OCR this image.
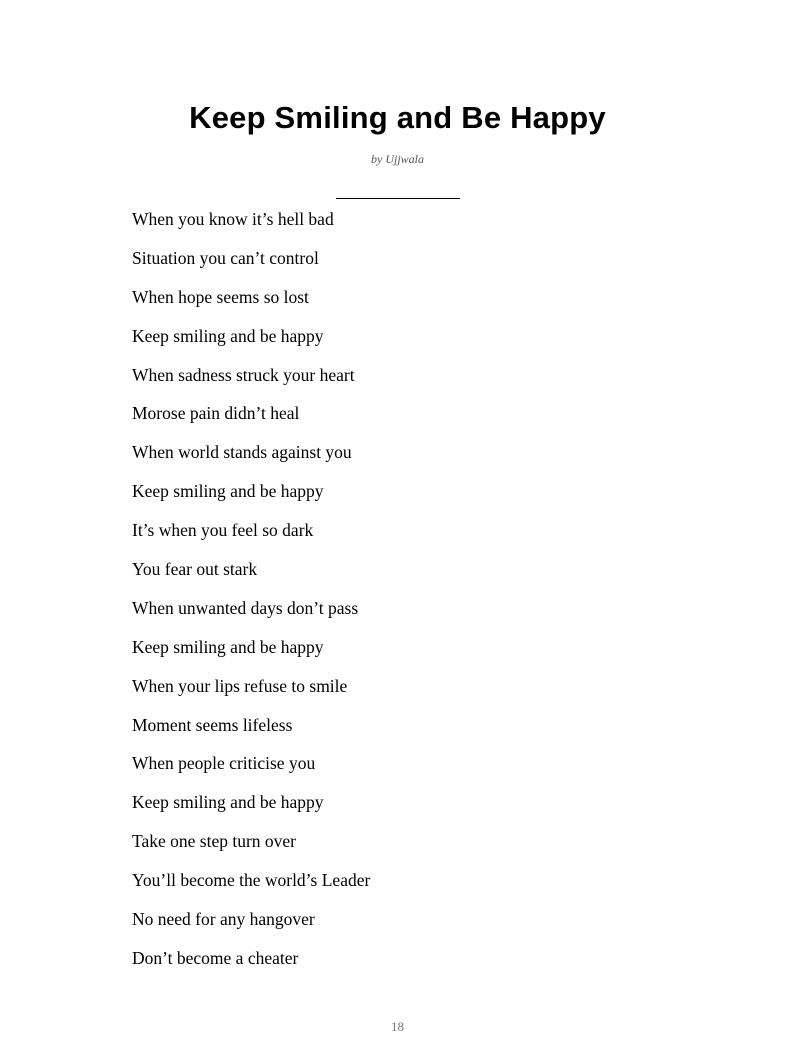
Keep Smiling and Be Happy
by Ujjwala
When you know it’s hell bad
Situation you can’t control
When hope seems so lost
Keep smiling and be happy
When sadness struck your heart
Morose pain didn’t heal
When world stands against you
Keep smiling and be happy
It’s when you feel so dark
You fear out stark
When unwanted days don’t pass
Keep smiling and be happy
When your lips refuse to smile
Moment seems lifeless
When people criticise you
Keep smiling and be happy
Take one step turn over
You’ll become the world’s Leader
No need for any hangover
Don’t become a cheater
18
